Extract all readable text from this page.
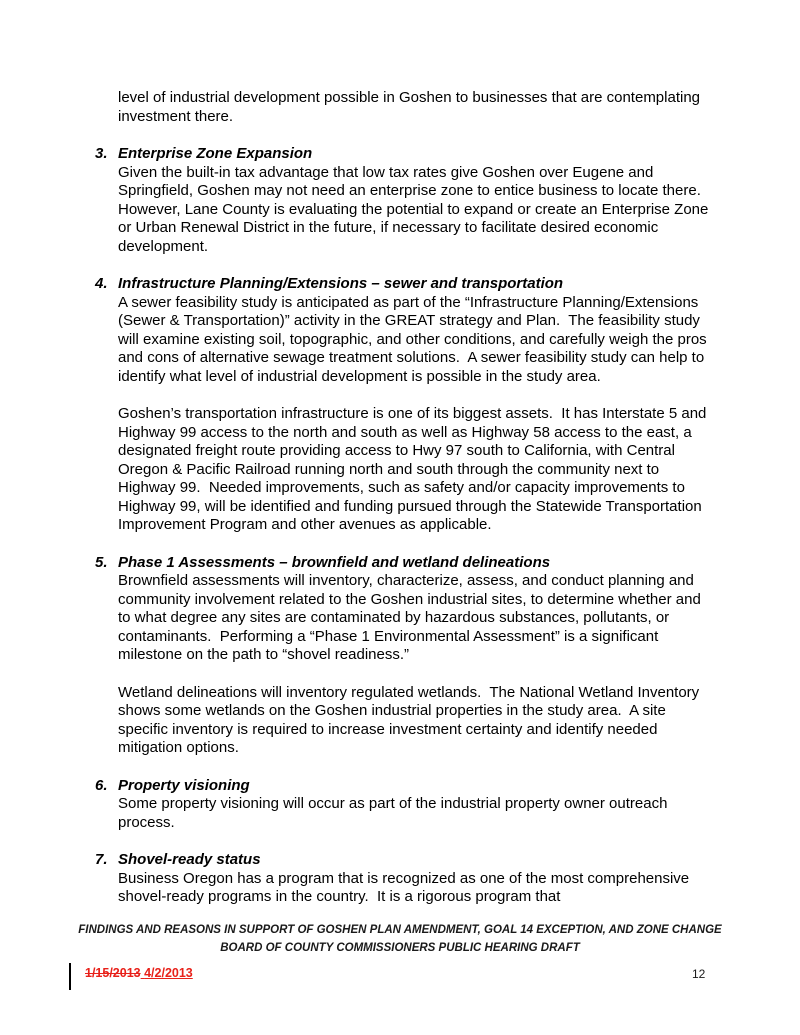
level of industrial development possible in Goshen to businesses that are contemplating investment there.

3. Enterprise Zone Expansion

Given the built-in tax advantage that low tax rates give Goshen over Eugene and Springfield, Goshen may not need an enterprise zone to entice business to locate there.  However, Lane County is evaluating the potential to expand or create an Enterprise Zone or Urban Renewal District in the future, if necessary to facilitate desired economic development.

4. Infrastructure Planning/Extensions – sewer and transportation

A sewer feasibility study is anticipated as part of the “Infrastructure Planning/Extensions (Sewer & Transportation)” activity in the GREAT strategy and Plan.  The feasibility study will examine existing soil, topographic, and other conditions, and carefully weigh the pros and cons of alternative sewage treatment solutions.  A sewer feasibility study can help to identify what level of industrial development is possible in the study area.

Goshen’s transportation infrastructure is one of its biggest assets.  It has Interstate 5 and Highway 99 access to the north and south as well as Highway 58 access to the east, a designated freight route providing access to Hwy 97 south to California, with Central Oregon & Pacific Railroad running north and south through the community next to Highway 99.  Needed improvements, such as safety and/or capacity improvements to Highway 99, will be identified and funding pursued through the Statewide Transportation Improvement Program and other avenues as applicable.

5. Phase 1 Assessments – brownfield and wetland delineations

Brownfield assessments will inventory, characterize, assess, and conduct planning and community involvement related to the Goshen industrial sites, to determine whether and to what degree any sites are contaminated by hazardous substances, pollutants, or contaminants.  Performing a “Phase 1 Environmental Assessment” is a significant milestone on the path to “shovel readiness.”

Wetland delineations will inventory regulated wetlands.  The National Wetland Inventory shows some wetlands on the Goshen industrial properties in the study area.  A site specific inventory is required to increase investment certainty and identify needed mitigation options.

6. Property visioning

Some property visioning will occur as part of the industrial property owner outreach process.

7. Shovel-ready status

Business Oregon has a program that is recognized as one of the most comprehensive shovel-ready programs in the country.  It is a rigorous program that

FINDINGS AND REASONS IN SUPPORT OF GOSHEN PLAN AMENDMENT, GOAL 14 EXCEPTION, AND ZONE CHANGE
BOARD OF COUNTY COMMISSIONERS PUBLIC HEARING DRAFT
1/15/2013 4/2/2013	12
